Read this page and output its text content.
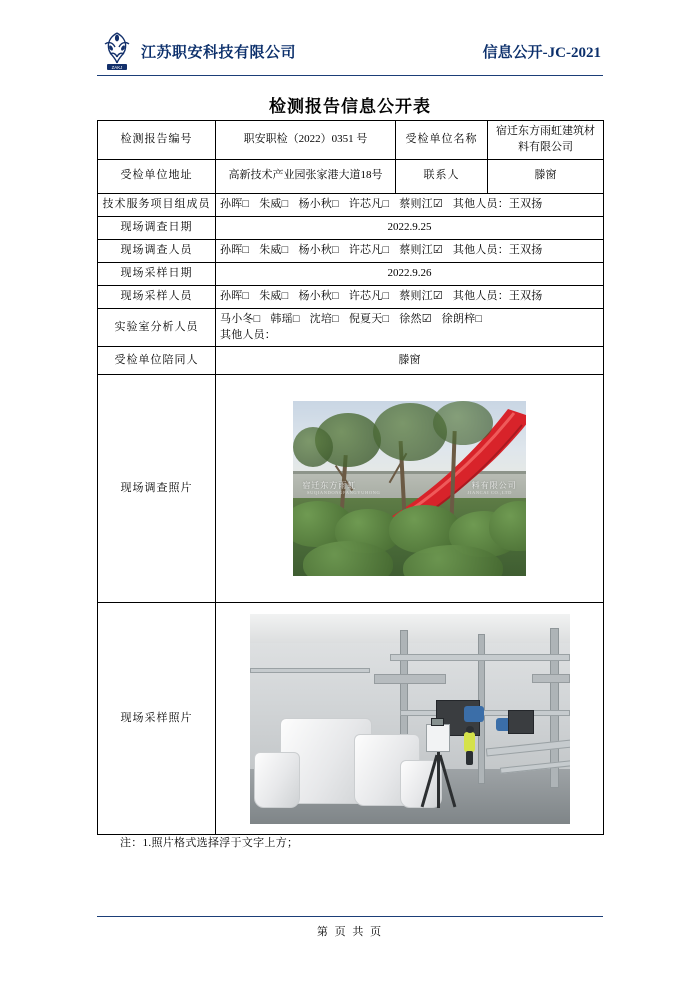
ZAKJ
江苏职安科技有限公司	信息公开-JC-2021
检测报告信息公开表
检测报告编号	职安职检（2022）0351 号	受检单位名称	宿迁东方雨虹建筑材料有限公司
受检单位地址	高新技术产业园张家港大道18号	联系人	滕窗
技术服务项目组成员	孙晖□ 朱威□ 杨小秋□ 许芯凡□ 蔡则江☑ 其他人员：王双扬		
现场调查日期	2022.9.25		
现场调查人员	孙晖□ 朱威□ 杨小秋□ 许芯凡□ 蔡则江☑ 其他人员：王双扬		
现场采样日期	2022.9.26		
现场采样人员	孙晖□ 朱威□ 杨小秋□ 许芯凡□ 蔡则江☑ 其他人员：王双扬		
实验室分析人员	马小冬□ 韩瑶□ 沈培□ 倪夏天□ 徐然☑ 徐朗梓□
其他人员：		

受检单位陪同人	滕窗		
现场调查照片	宿迁东方雨虹 料有限公司
SUQIANDONGFANGYUHONG JIANCAI CO.,LTD		

现场采样照片			
注：1.照片格式选择浮于文字上方；
第 页 共 页
